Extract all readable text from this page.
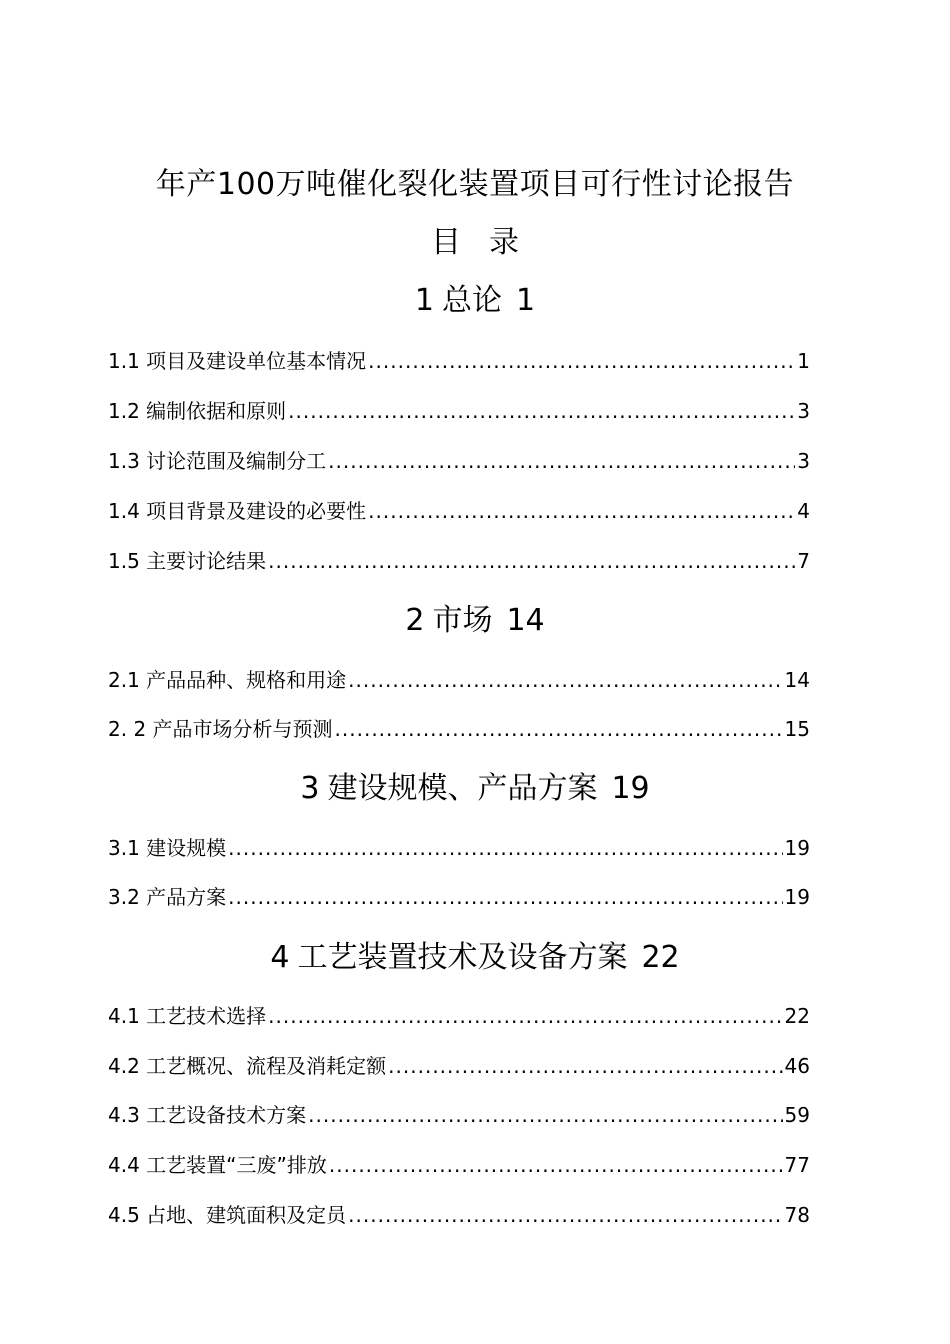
年产100万吨催化裂化装置项目可行性讨论报告
目 录
1 总论 1
1.1 项目及建设单位基本情况 .....	1
1.2 编制依据和原则 .....	3
1.3 讨论范围及编制分工 .....	3
1.4 项目背景及建设的必要性 .....	4
1.5 主要讨论结果 .....	7
2 市场 14
2.1 产品品种、规格和用途 .....	14
2. 2 产品市场分析与预测 .....	15
3 建设规模、产品方案 19
3.1 建设规模 .....	19
3.2 产品方案 .....	19
4 工艺装置技术及设备方案 22
4.1 工艺技术选择 .....	22
4.2 工艺概况、流程及消耗定额 .....	46
4.3 工艺设备技术方案 .....	59
4.4 工艺装置“三废”排放 .....	77
4.5 占地、建筑面积及定员 .....	78
